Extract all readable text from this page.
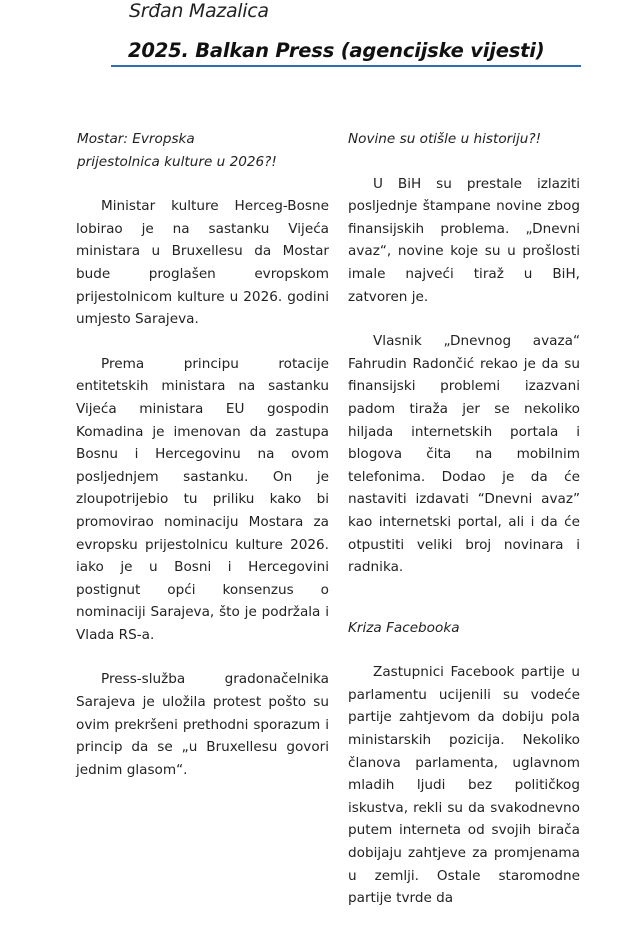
Srđan Mazalica
2025. Balkan Press (agencijske vijesti)

Mostar: Evropska prijestolnica kulture u 2026?!

Ministar kulture Herceg-Bosne lobirao je na sastanku Vijeća ministara u Bruxellesu da Mostar bude proglašen evropskom prijestolnicom kulture u 2026. godini umjesto Sarajeva.

Prema principu rotacije entitetskih ministara na sastanku Vijeća ministara EU gospodin Komadina je imenovan da zastupa Bosnu i Hercegovinu na ovom posljednjem sastanku. On je zloupotrijebio tu priliku kako bi promovirao nominaciju Mostara za evropsku prijestolnicu kulture 2026. iako je u Bosni i Hercegovini postignut opći konsenzus o nominaciji Sarajeva, što je podržala i Vlada RS-a.

Press-služba gradonačelnika Sarajeva je uložila protest pošto su ovim prekršeni prethodni sporazum i princip da se „u Bruxellesu govori jednim glasom“.

Novine su otišle u historiju?!

U BiH su prestale izlaziti posljednje štampane novine zbog finansijskih problema. „Dnevni avaz“, novine koje su u prošlosti imale najveći tiraž u BiH, zatvoren je.

Vlasnik „Dnevnog avaza“ Fahrudin Radončić rekao je da su finansijski problemi izazvani padom tiraža jer se nekoliko hiljada internetskih portala i blogova čita na mobilnim telefonima. Dodao je da će nastaviti izdavati “Dnevni avaz” kao internetski portal, ali i da će otpustiti veliki broj novinara i radnika.

Kriza Facebooka

Zastupnici Facebook partije u parlamentu ucijenili su vodeće partije zahtjevom da dobiju pola ministarskih pozicija. Nekoliko članova parlamenta, uglavnom mladih ljudi bez političkog iskustva, rekli su da svakodnevno putem interneta od svojih birača dobijaju zahtjeve za promjenama u zemlji. Ostale staromodne partije tvrde da
